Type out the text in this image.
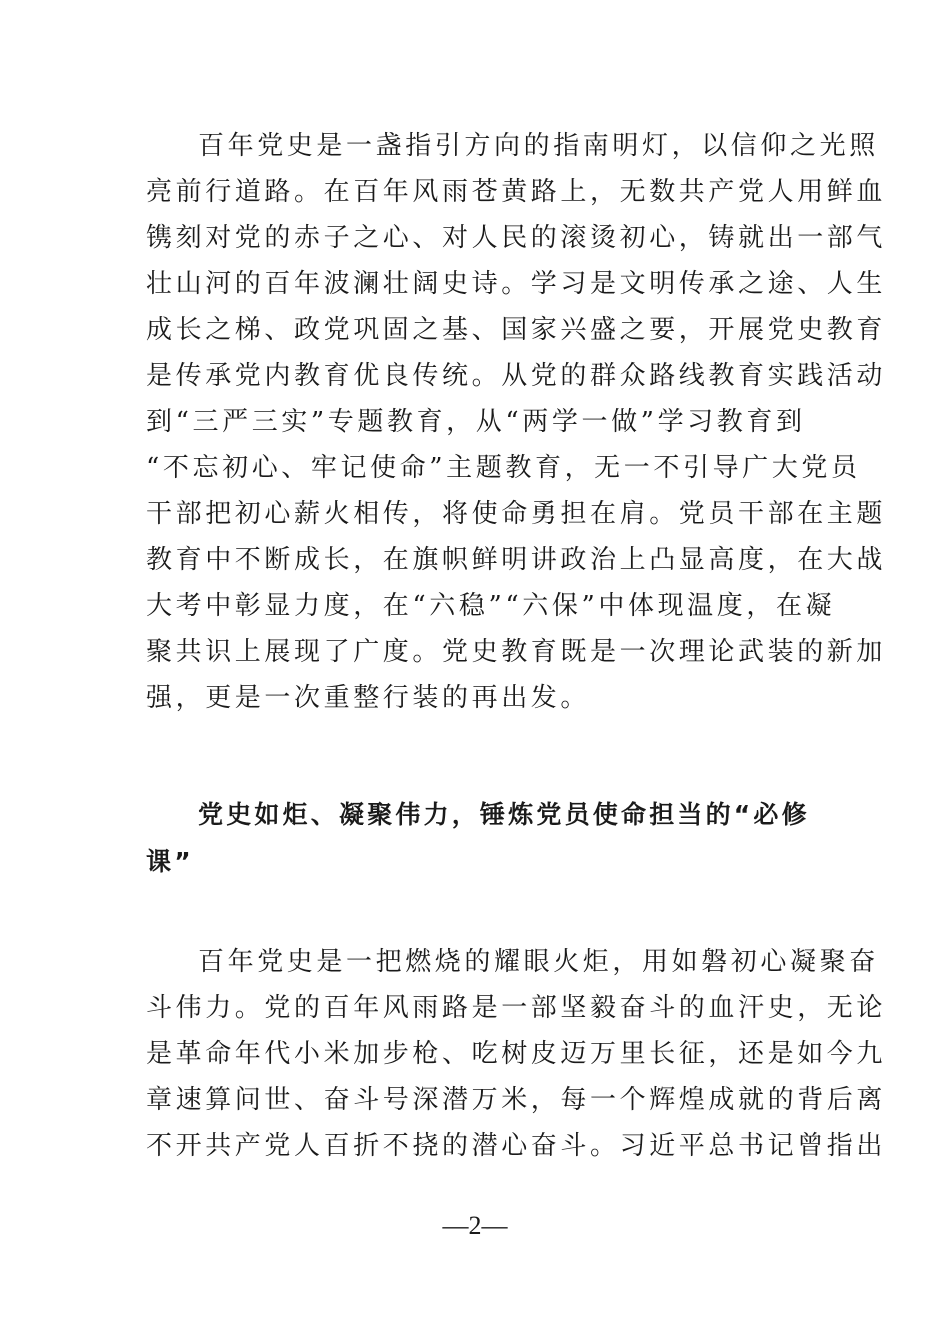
百年党史是一盏指引方向的指南明灯，以信仰之光照
亮前行道路。在百年风雨苍黄路上，无数共产党人用鲜血
镌刻对党的赤子之心、对人民的滚烫初心，铸就出一部气
壮山河的百年波澜壮阔史诗。学习是文明传承之途、人生
成长之梯、政党巩固之基、国家兴盛之要，开展党史教育
是传承党内教育优良传统。从党的群众路线教育实践活动
到“三严三实”专题教育，从“两学一做”学习教育到
“不忘初心、牢记使命”主题教育，无一不引导广大党员
干部把初心薪火相传，将使命勇担在肩。党员干部在主题
教育中不断成长，在旗帜鲜明讲政治上凸显高度，在大战
大考中彰显力度，在“六稳”“六保”中体现温度，在凝
聚共识上展现了广度。党史教育既是一次理论武装的新加
强，更是一次重整行装的再出发。
党史如炬、凝聚伟力，锤炼党员使命担当的“必修
课”
百年党史是一把燃烧的耀眼火炬，用如磐初心凝聚奋
斗伟力。党的百年风雨路是一部坚毅奋斗的血汗史，无论
是革命年代小米加步枪、吃树皮迈万里长征，还是如今九
章速算问世、奋斗号深潜万米，每一个辉煌成就的背后离
不开共产党人百折不挠的潜心奋斗。习近平总书记曾指出
—2—
